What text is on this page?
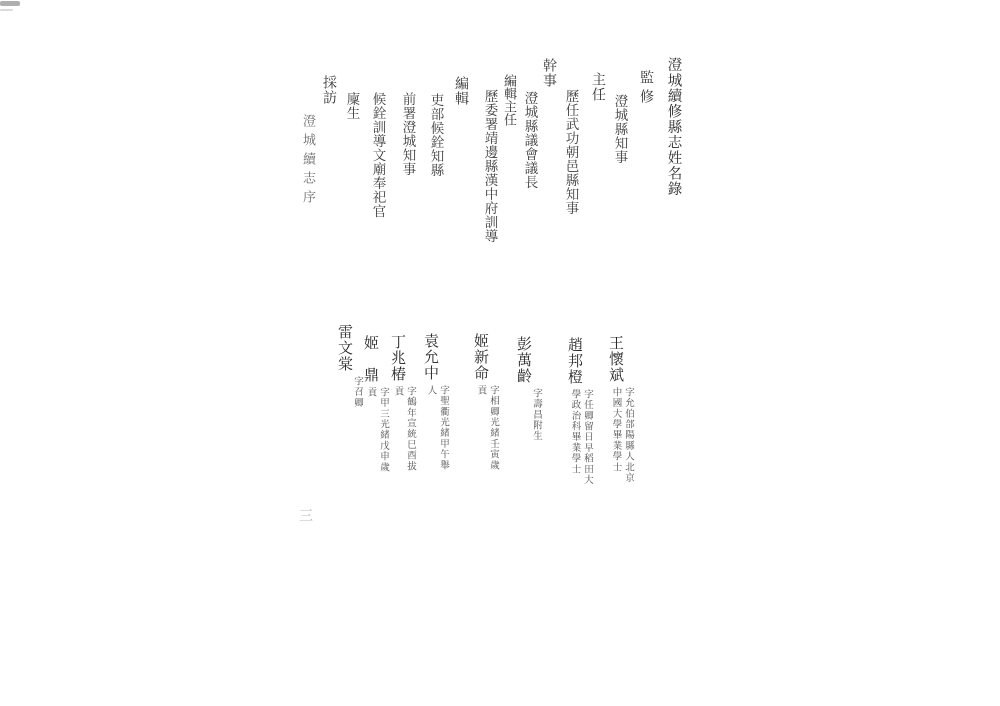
澄城續修縣志姓名錄
監修
澄城縣知事
王懷斌
字允伯郃陽縣人北京
中國大學畢業學士
主任
歷任武功朝邑縣知事
趙邦橙
字任卿留日早稻田大
學政治科畢業學士
幹事
澄城縣議會議長
彭萬齡
字壽昌附生
編輯主任
歷委署靖邊縣漢中府訓導
姬新命
字相卿光緒壬寅歲
貢
編輯
吏部候銓知縣
袁允中
字聖衢光緒甲午舉
人
前署澄城知事
丁兆椿
字鶴年宣統巳酉拔
貢
候銓訓導文廟奉祀官
姬　鼎
字甲三光緒戊申歲
貢
廩生
雷文棠
字召卿
採訪
澄城續志序
三
